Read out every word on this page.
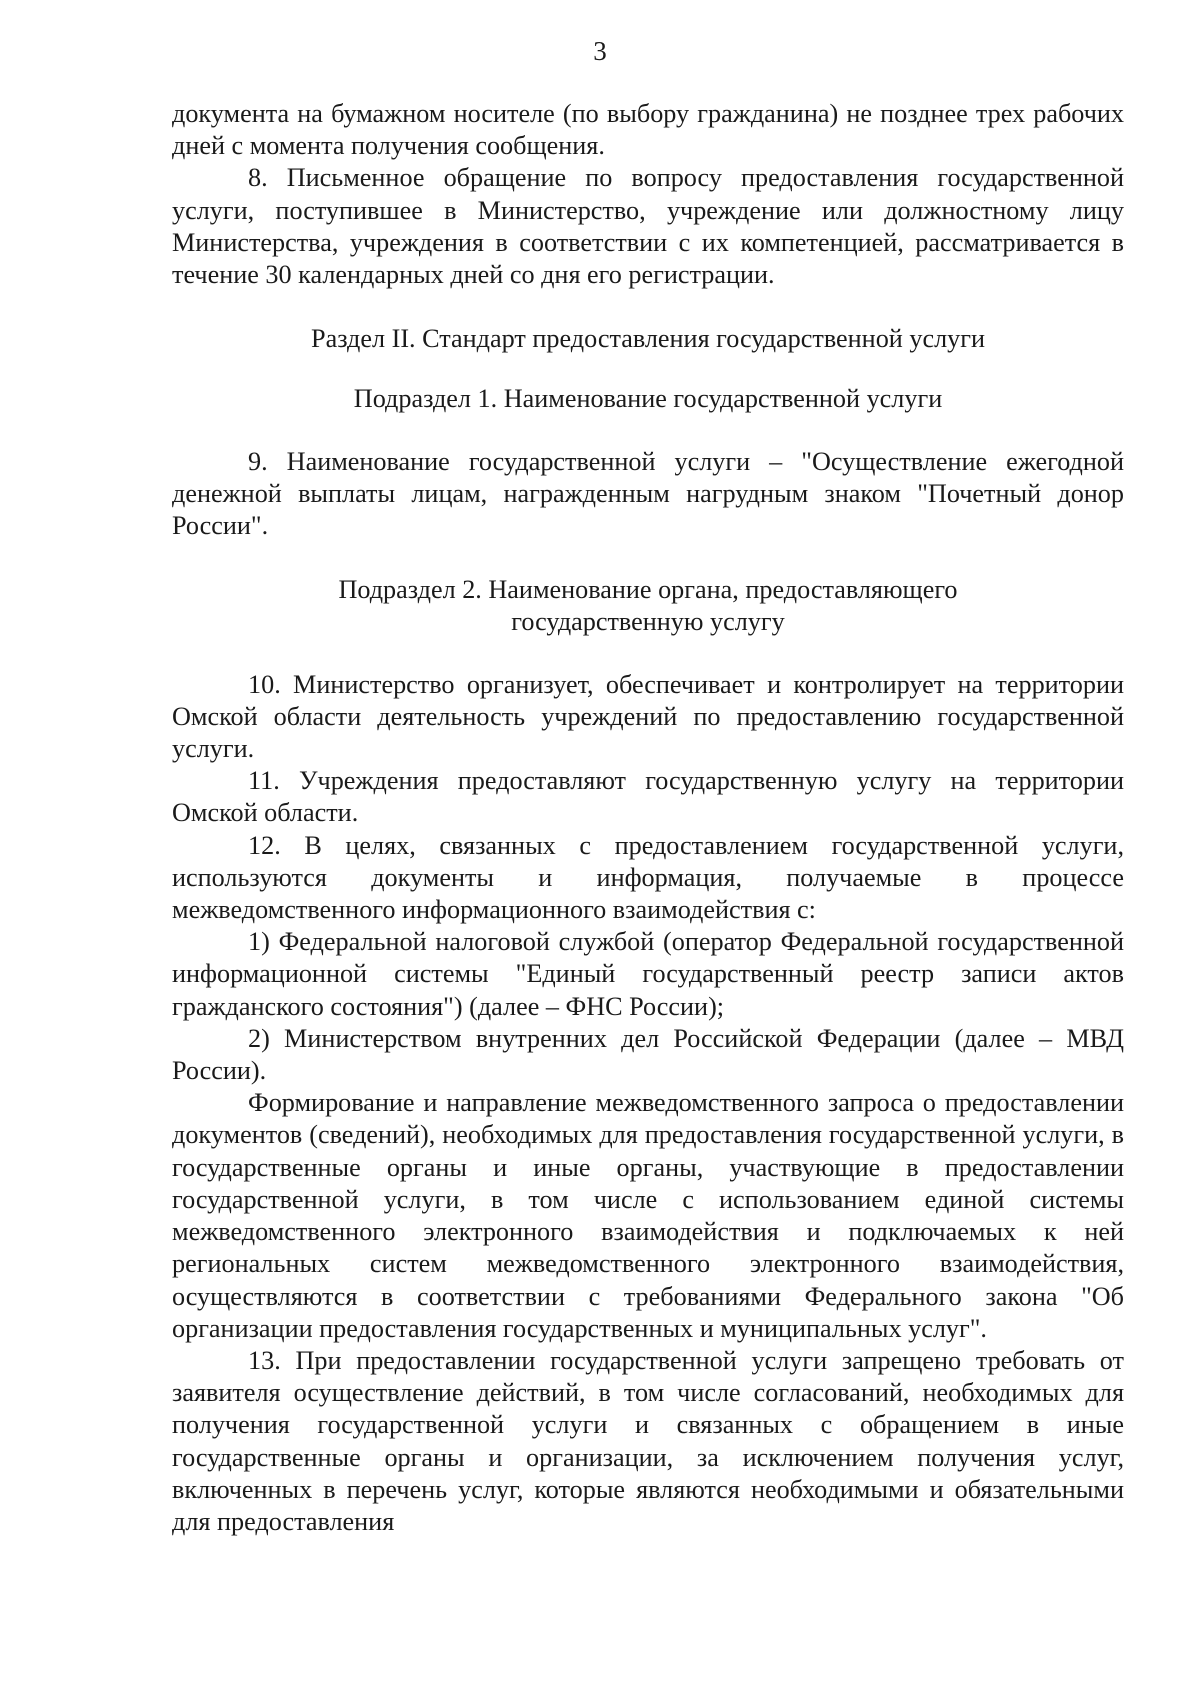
3

документа на бумажном носителе (по выбору гражданина) не позднее трех рабочих дней с момента получения сообщения.

8. Письменное обращение по вопросу предоставления государственной услуги, поступившее в Министерство, учреждение или должностному лицу Министерства, учреждения в соответствии с их компетенцией, рассматривается в течение 30 календарных дней со дня его регистрации.

Раздел II. Стандарт предоставления государственной услуги

Подраздел 1. Наименование государственной услуги

9. Наименование государственной услуги – "Осуществление ежегодной денежной выплаты лицам, награжденным нагрудным знаком "Почетный донор России".

Подраздел 2. Наименование органа, предоставляющего

государственную услугу

10. Министерство организует, обеспечивает и контролирует на территории Омской области деятельность учреждений по предоставлению государственной услуги.

11. Учреждения предоставляют государственную услугу на территории Омской области.

12. В целях, связанных с предоставлением государственной услуги, используются документы и информация, получаемые в процессе межведомственного информационного взаимодействия с:

1) Федеральной налоговой службой (оператор Федеральной государственной информационной системы "Единый государственный реестр записи актов гражданского состояния") (далее – ФНС России);

2) Министерством внутренних дел Российской Федерации (далее – МВД России).

Формирование и направление межведомственного запроса о предоставлении документов (сведений), необходимых для предоставления государственной услуги, в государственные органы и иные органы, участвующие в предоставлении государственной услуги, в том числе с использованием единой системы межведомственного электронного взаимодействия и подключаемых к ней региональных систем межведомственного электронного взаимодействия, осуществляются в соответствии с требованиями Федерального закона "Об организации предоставления государственных и муниципальных услуг".

13. При предоставлении государственной услуги запрещено требовать от заявителя осуществление действий, в том числе согласований, необходимых для получения государственной услуги и связанных с обращением в иные государственные органы и организации, за исключением получения услуг, включенных в перечень услуг, которые являются необходимыми и обязательными для предоставления
